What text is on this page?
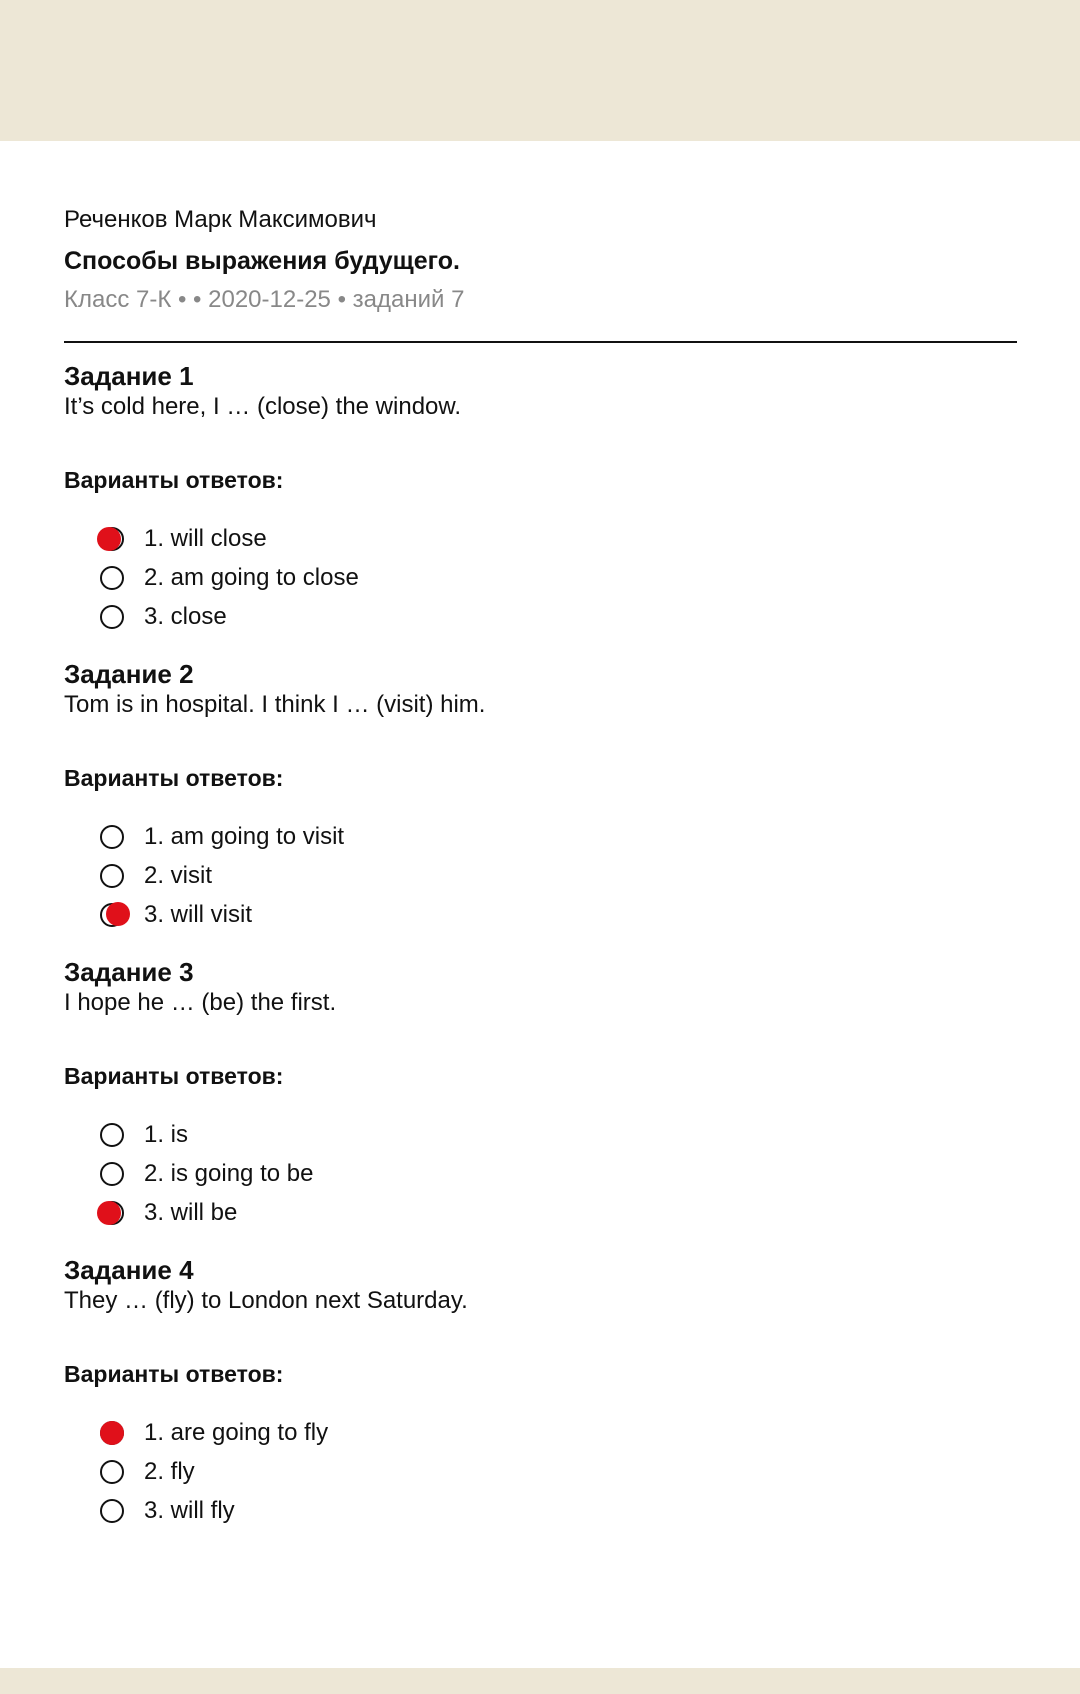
Реченков Марк Максимович

Способы выражения будущего.

Класс 7-К • • 2020-12-25 • заданий 7

Задание 1
It’s cold here, I … (close) the window.
Варианты ответов:
1. will close
2. am going to close
3. close
Задание 2
Tom is in hospital. I think I … (visit) him.
Варианты ответов:
1. am going to visit
2. visit
3. will visit
Задание 3
I hope he … (be) the first.
Варианты ответов:
1. is
2. is going to be
3. will be
Задание 4
They … (fly) to London next Saturday.
Варианты ответов:
1. are going to fly
2. fly
3. will fly
